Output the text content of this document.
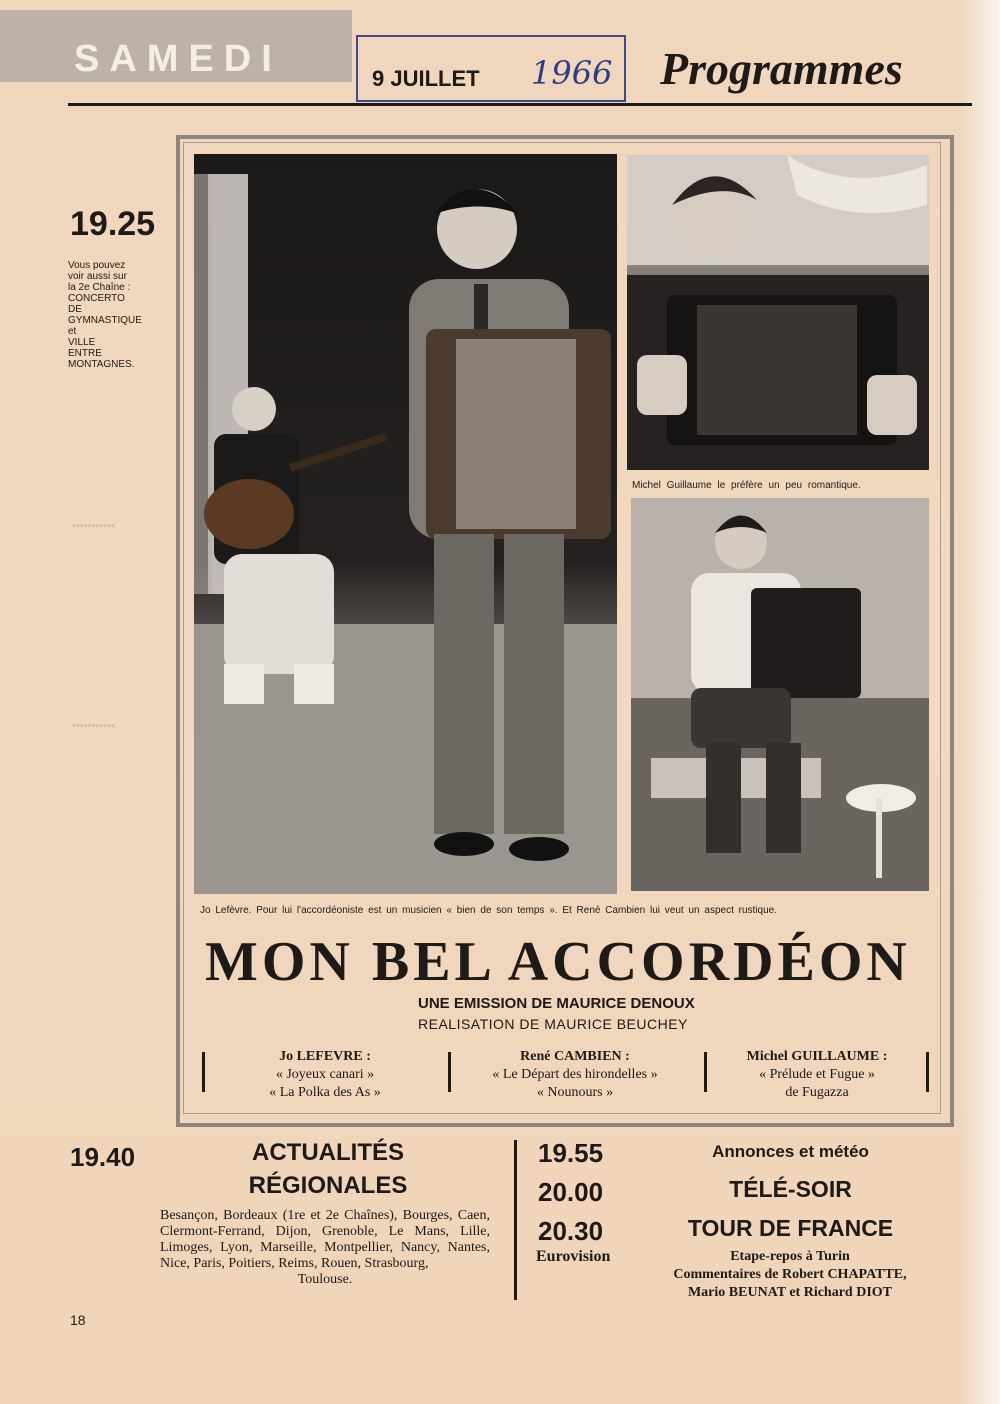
▪▪▪▪▪▪▪▪▪▪▪
▪▪▪▪▪▪▪▪▪▪▪
SAMEDI	9 JUILLET 1966 Programmes
19.25
Vous pouvez
voir aussi sur
la 2e Chaîne :
CONCERTO
DE
GYMNASTIQUE
et
VILLE
ENTRE
MONTAGNES.
Michel Guillaume le préfère un peu romantique.
Jo Lefèvre. Pour lui l'accordéoniste est un musicien « bien de son temps ». Et René Cambien lui veut un aspect rustique.
MON BEL ACCORDÉON
UNE EMISSION DE MAURICE DENOUX
REALISATION DE MAURICE BEUCHEY
Jo LEFEVRE :
« Joyeux canari »
« La Polka des As »
René CAMBIEN :
« Le Départ des hirondelles »
« Nounours »
Michel GUILLAUME :
« Prélude et Fugue »
de Fugazza
19.40	ACTUALITÉS
RÉGIONALES
Besançon, Bordeaux (1re et 2e Chaînes), Bourges, Caen, Clermont-Ferrand, Dijon, Grenoble, Le Mans, Lille, Limoges, Lyon, Marseille, Montpellier, Nancy, Nantes, Nice, Paris, Poitiers, Reims, Rouen, Strasbourg,
Toulouse.
19.55	Annonces et météo
20.00	TÉLÉ-SOIR
20.30	TOUR DE FRANCE
Eurovision	Etape-repos à Turin
Commentaires de Robert CHAPATTE,
Mario BEUNAT et Richard DIOT
18
